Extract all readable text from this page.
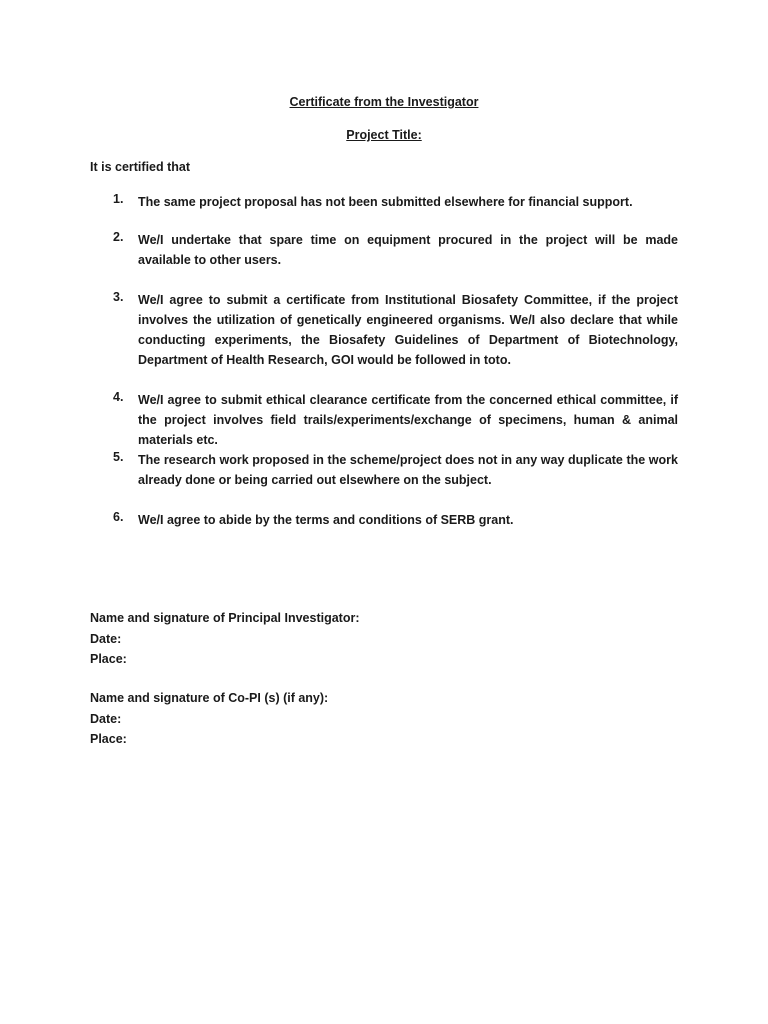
Certificate from the Investigator
Project Title:
It is certified that
1. The same project proposal has not been submitted elsewhere for financial support.
2. We/I undertake that spare time on equipment procured in the project will be made available to other users.
3. We/I agree to submit a certificate from Institutional Biosafety Committee, if the project involves the utilization of genetically engineered organisms. We/I also declare that while conducting experiments, the Biosafety Guidelines of Department of Biotechnology, Department of Health Research, GOI would be followed in toto.
4. We/I agree to submit ethical clearance certificate from the concerned ethical committee, if the project involves field trails/experiments/exchange of specimens, human & animal materials etc.
5. The research work proposed in the scheme/project does not in any way duplicate the work already done or being carried out elsewhere on the subject.
6. We/I agree to abide by the terms and conditions of SERB grant.
Name and signature of Principal Investigator:
Date:
Place:
Name and signature of Co-PI (s) (if any):
Date:
Place:
